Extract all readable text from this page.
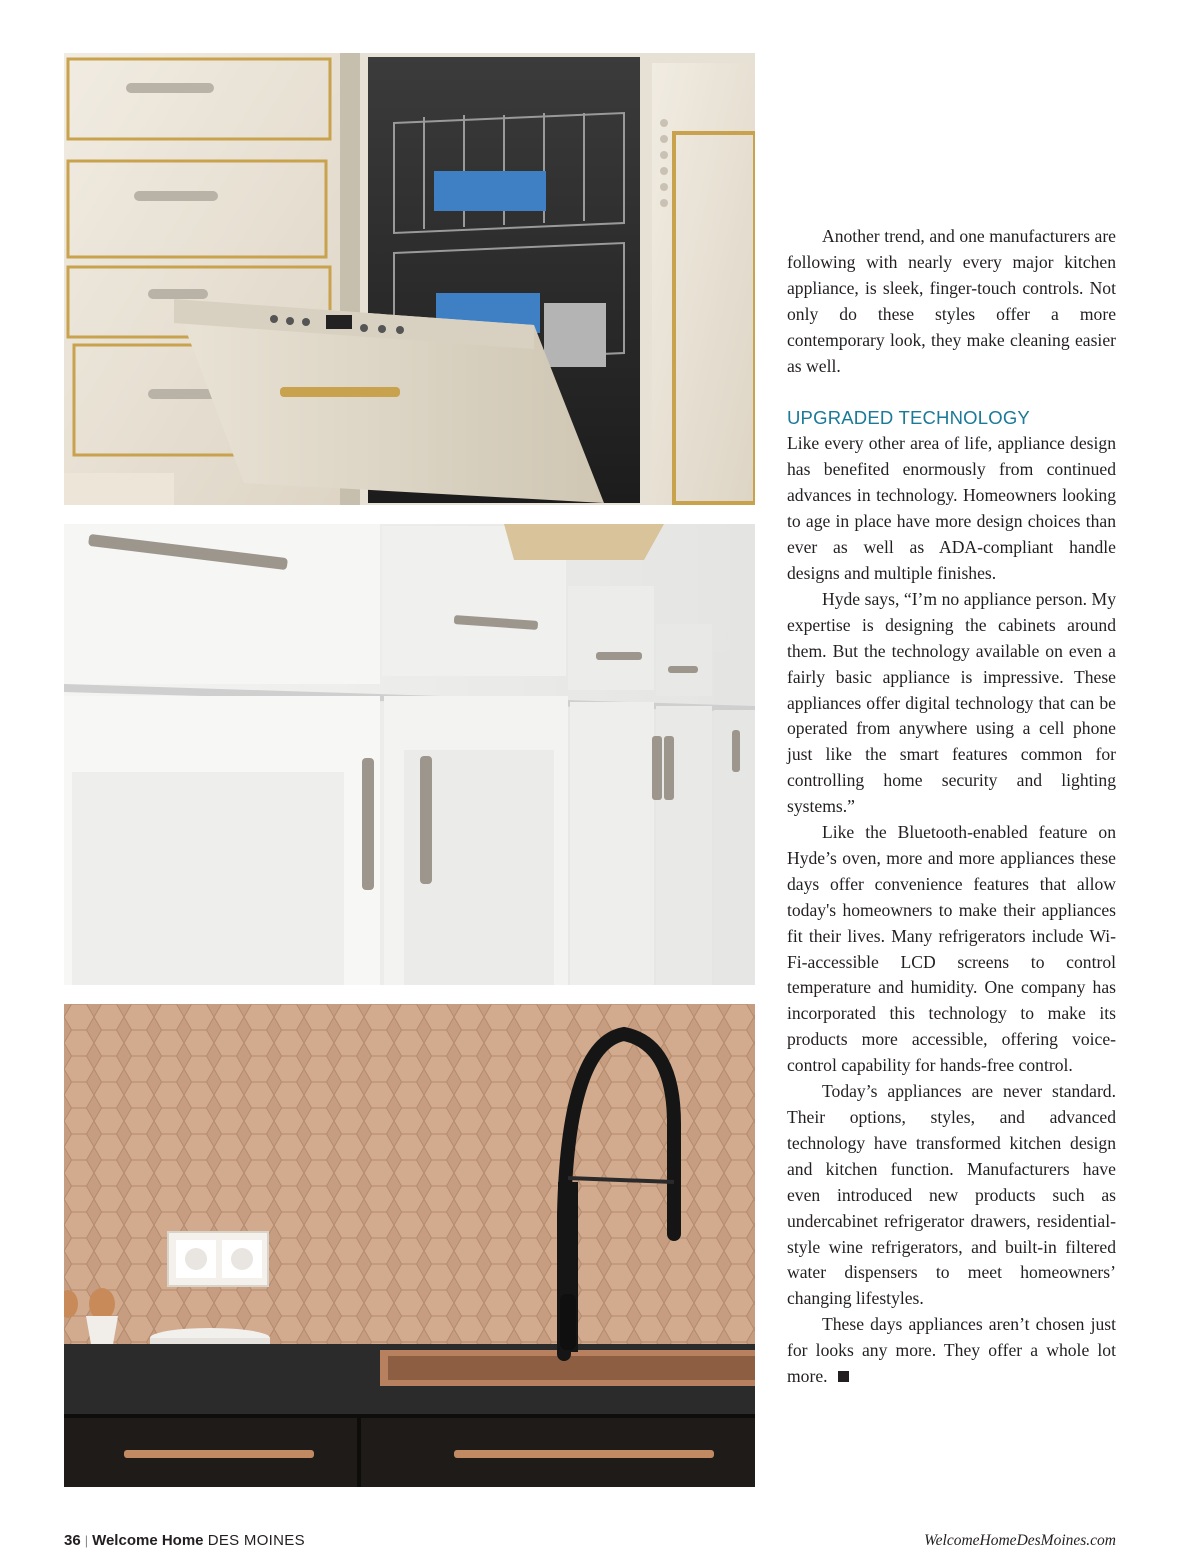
Another trend, and one manufacturers are following with nearly every major kitchen appliance, is sleek, finger-touch controls. Not only do these styles offer a more contemporary look, they make cleaning easier as well.

UPGRADED TECHNOLOGY

Like every other area of life, appliance design has benefited enormously from continued advances in technology. Homeowners looking to age in place have more design choices than ever as well as ADA-compliant handle designs and multiple finishes.

Hyde says, “I’m no appliance person. My expertise is designing the cabinets around them. But the technology available on even a fairly basic appliance is impressive. These appliances offer digital technology that can be operated from anywhere using a cell phone just like the smart features common for controlling home security and lighting systems.”

Like the Bluetooth-enabled feature on Hyde’s oven, more and more appliances these days offer convenience features that allow today's homeowners to make their appliances fit their lives. Many refrigerators include Wi-Fi-accessible LCD screens to control temperature and humidity. One company has incorporated this technology to make its products more accessible, offering voice-control capability for hands-free control.

Today’s appliances are never standard. Their options, styles, and advanced technology have transformed kitchen design and kitchen function. Manufacturers have even introduced new products such as undercabinet refrigerator drawers, residential-style wine refrigerators, and built-in filtered water dispensers to meet homeowners’ changing lifestyles.

These days appliances aren’t chosen just for looks any more. They offer a whole lot more.

36 | Welcome Home DES MOINES	WelcomeHomeDesMoines.com
